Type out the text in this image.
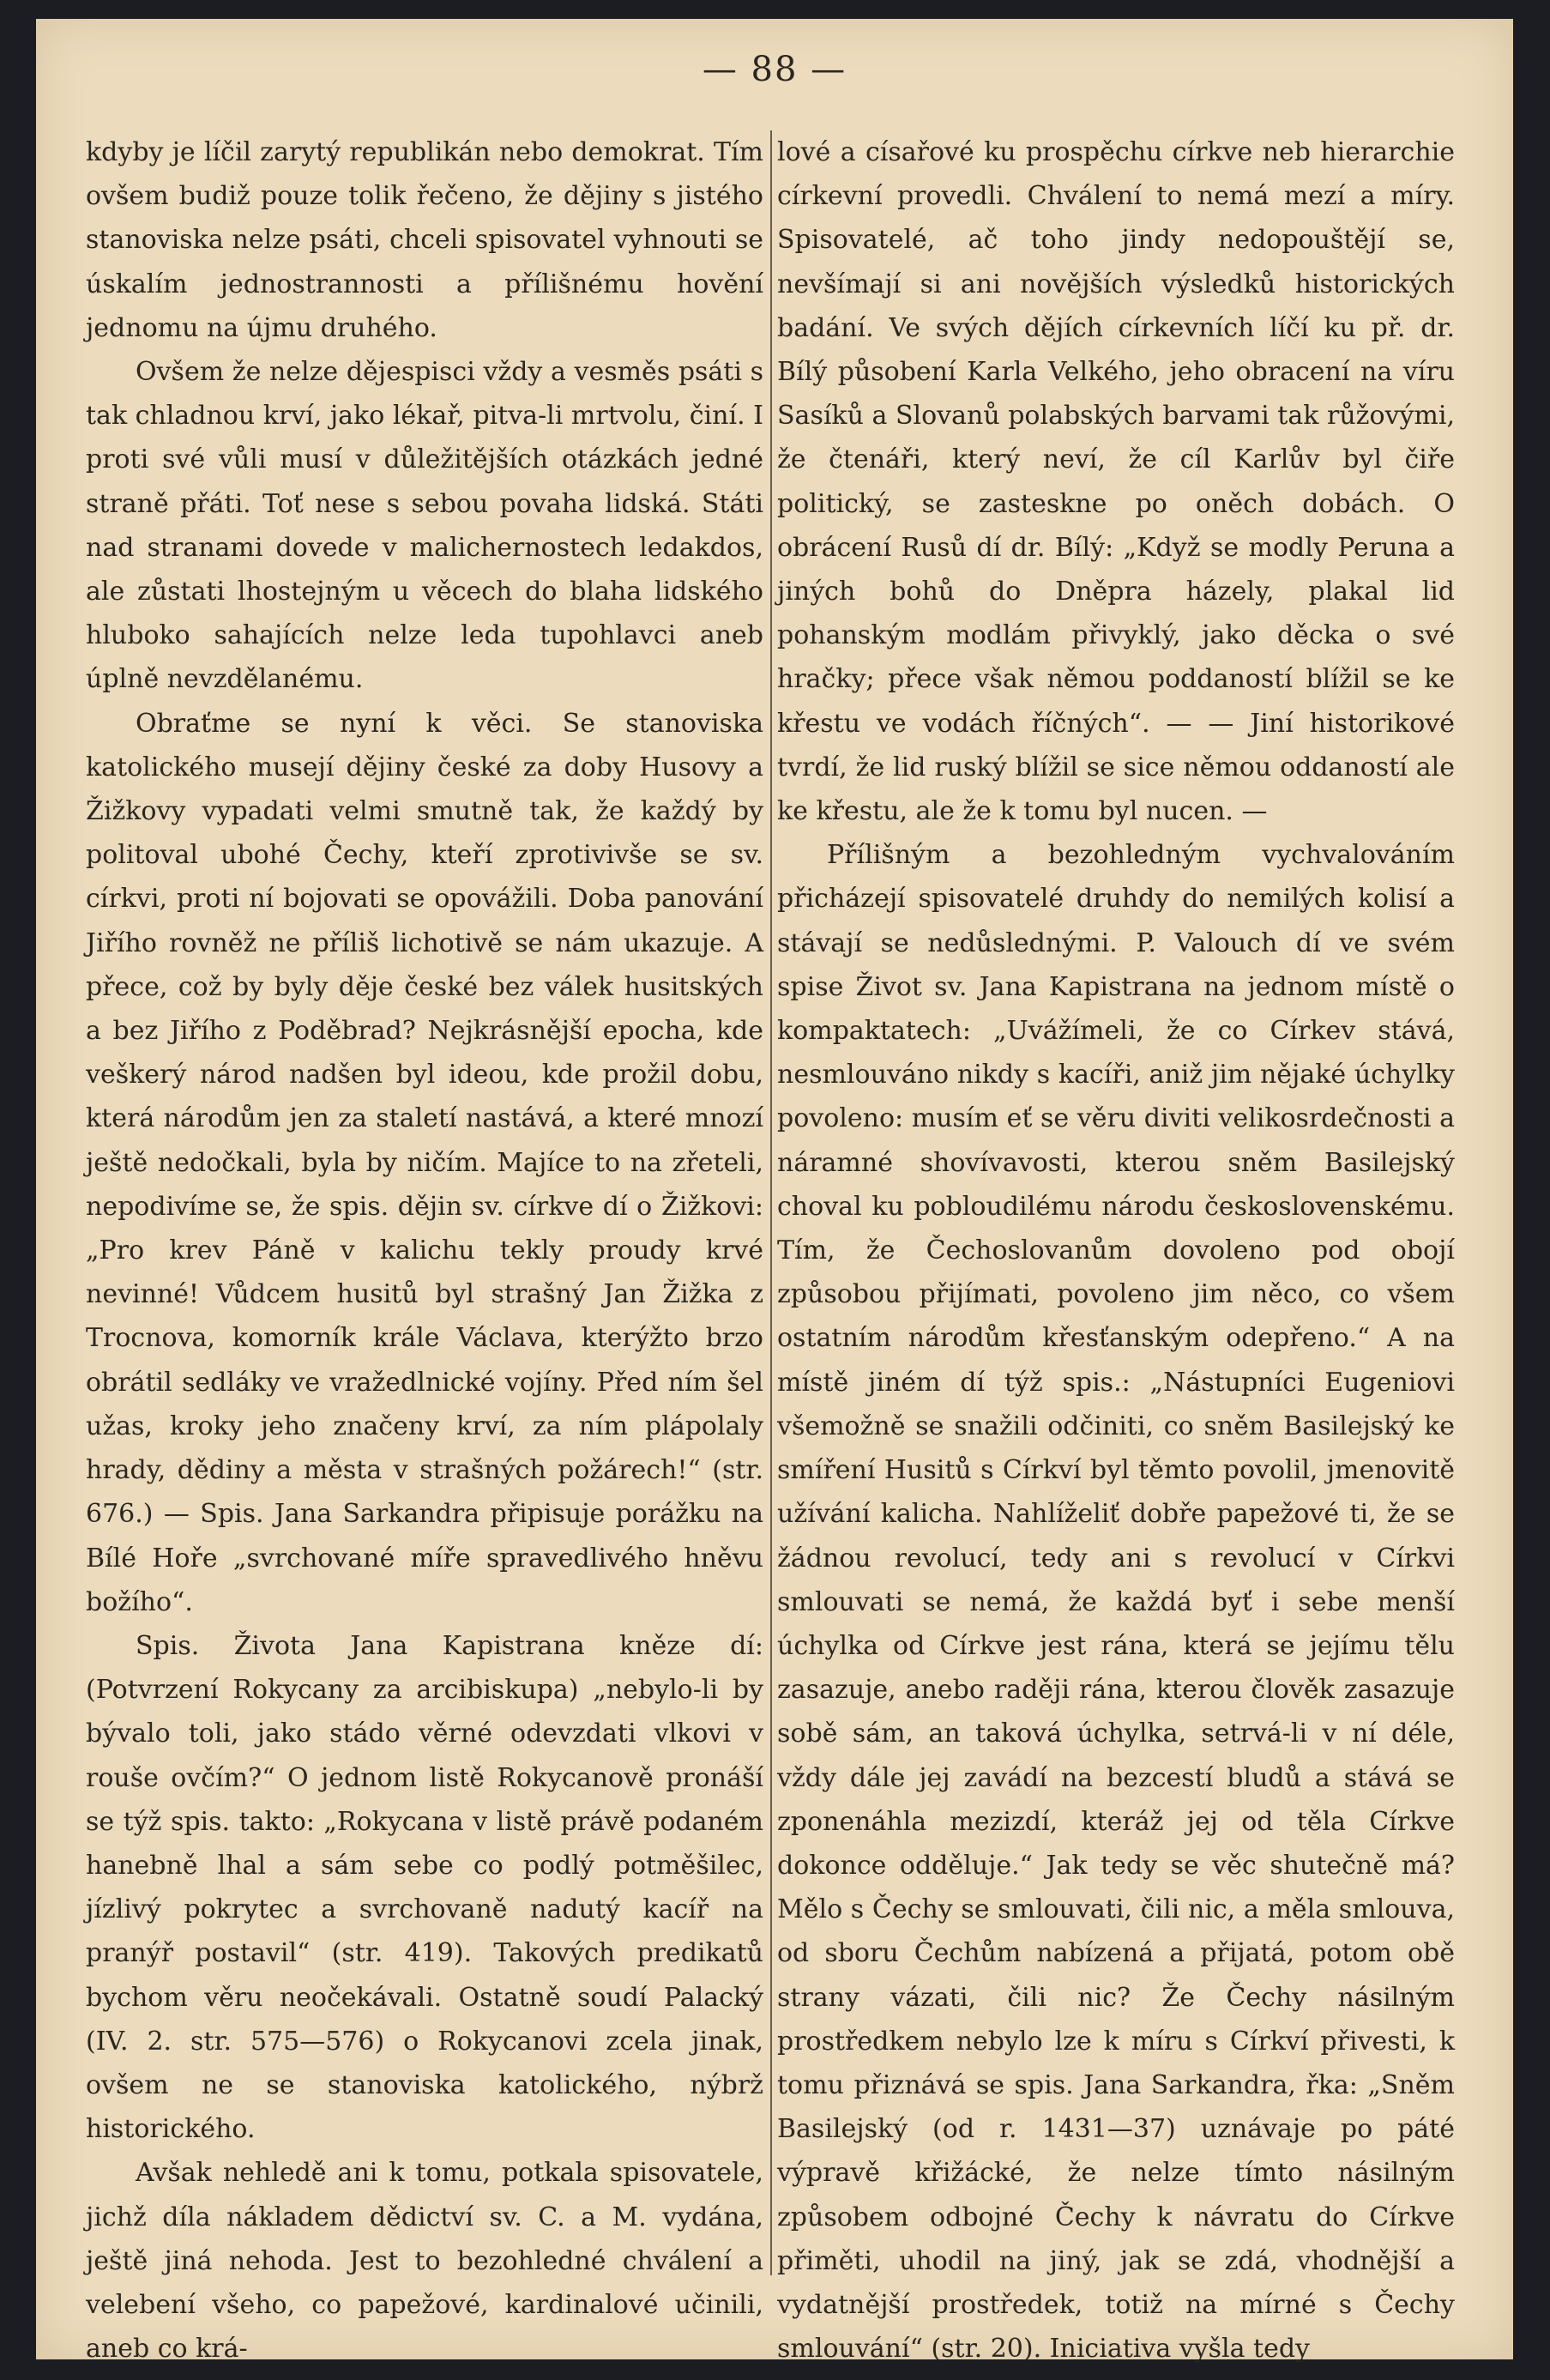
— 88 —

kdyby je líčil zarytý republikán nebo demokrat. Tím ovšem budiž pouze tolik řečeno, že dějiny s jistého stanoviska nelze psáti, chceli spisovatel vyhnouti se úskalím jednostrannosti a přílišnému hovění jednomu na újmu druhého.

Ovšem že nelze dějespisci vždy a vesměs psáti s tak chladnou krví, jako lékař, pitva-li mrtvolu, činí. I proti své vůli musí v důležitějších otázkách jedné straně přáti. Toť nese s sebou povaha lidská. Státi nad stranami dovede v malichernostech ledakdos, ale zůstati lhostejným u věcech do blaha lidského hluboko sahajících nelze leda tupohlavci aneb úplně nevzdělanému.

Obraťme se nyní k věci. Se stanoviska katolického musejí dějiny české za doby Husovy a Žižkovy vypadati velmi smutně tak, že každý by politoval ubohé Čechy, kteří zprotivivše se sv. církvi, proti ní bojovati se opovážili. Doba panování Jiřího rovněž ne příliš lichotivě se nám ukazuje. A přece, což by byly děje české bez válek husitských a bez Jiřího z Poděbrad? Nejkrásnější epocha, kde veškerý národ nadšen byl ideou, kde prožil dobu, která národům jen za staletí nastává, a které mnozí ještě nedočkali, byla by ničím. Majíce to na zřeteli, nepodivíme se, že spis. dějin sv. církve dí o Žižkovi: „Pro krev Páně v kalichu tekly proudy krvé nevinné! Vůdcem husitů byl strašný Jan Žižka z Trocnova, komorník krále Václava, kterýžto brzo obrátil sedláky ve vražedlnické vojíny. Před ním šel užas, kroky jeho značeny krví, za ním plápolaly hrady, dědiny a města v strašných požárech!“ (str. 676.) — Spis. Jana Sarkandra připisuje porážku na Bílé Hoře „svrchované míře spravedlivého hněvu božího“.

Spis. Života Jana Kapistrana kněze dí: (Potvrzení Rokycany za arcibiskupa) „nebylo-li by bývalo toli, jako stádo věrné odevzdati vlkovi v rouše ovčím?“ O jednom listě Rokycanově pronáší se týž spis. takto: „Rokycana v listě právě podaném hanebně lhal a sám sebe co podlý potměšilec, jízlivý pokrytec a svrchovaně nadutý kacíř na pranýř postavil“ (str. 419). Takových predikatů bychom věru neočekávali. Ostatně soudí Palacký (IV. 2. str. 575—576) o Rokycanovi zcela jinak, ovšem ne se stanoviska katolického, nýbrž historického.

Avšak nehledě ani k tomu, potkala spisovatele, jichž díla nákladem dědictví sv. C. a M. vydána, ještě jiná nehoda. Jest to bezohledné chválení a velebení všeho, co papežové, kardinalové učinili, aneb co krá-

lové a císařové ku prospěchu církve neb hierarchie církevní provedli. Chválení to nemá mezí a míry. Spisovatelé, ač toho jindy nedopouštějí se, nevšímají si ani novějších výsledků historických badání. Ve svých dějích církevních líčí ku př. dr. Bílý působení Karla Velkého, jeho obracení na víru Sasíků a Slovanů polabských barvami tak růžovými, že čtenáři, který neví, že cíl Karlův byl čiře politický, se zasteskne po oněch dobách. O obrácení Rusů dí dr. Bílý: „Když se modly Peruna a jiných bohů do Dněpra házely, plakal lid pohanským modlám přivyklý, jako děcka o své hračky; přece však němou poddaností blížil se ke křestu ve vodách říčných“. — — Jiní historikové tvrdí, že lid ruský blížil se sice němou oddaností ale ke křestu, ale že k tomu byl nucen. —

Přílišným a bezohledným vychvalováním přicházejí spisovatelé druhdy do nemilých kolisí a stávají se nedůslednými. P. Valouch dí ve svém spise Život sv. Jana Kapistrana na jednom místě o kompaktatech: „Uvážímeli, že co Církev stává, nesmlouváno nikdy s kacíři, aniž jim nějaké úchylky povoleno: musím eť se věru diviti velikosrdečnosti a náramné shovívavosti, kterou sněm Basilejský choval ku pobloudilému národu československému. Tím, že Čechoslovanům dovoleno pod obojí způsobou přijímati, povoleno jim něco, co všem ostatním národům křesťanským odepřeno.“ A na místě jiném dí týž spis.: „Nástupníci Eugeniovi všemožně se snažili odčiniti, co sněm Basilejský ke smíření Husitů s Církví byl těmto povolil, jmenovitě užívání kalicha. Nahlíželiť dobře papežové ti, že se žádnou revolucí, tedy ani s revolucí v Církvi smlouvati se nemá, že každá byť i sebe menší úchylka od Církve jest rána, která se jejímu tělu zasazuje, anebo raději rána, kterou člověk zasazuje sobě sám, an taková úchylka, setrvá-li v ní déle, vždy dále jej zavádí na bezcestí bludů a stává se zponenáhla mezizdí, kteráž jej od těla Církve dokonce odděluje.“ Jak tedy se věc shutečně má? Mělo s Čechy se smlouvati, čili nic, a měla smlouva, od sboru Čechům nabízená a přijatá, potom obě strany vázati, čili nic? Že Čechy násilným prostředkem nebylo lze k míru s Církví přivesti, k tomu přiznává se spis. Jana Sarkandra, řka: „Sněm Basilejský (od r. 1431—37) uznávaje po páté výpravě křižácké, že nelze tímto násilným způsobem odbojné Čechy k návratu do Církve přiměti, uhodil na jiný, jak se zdá, vhodnější a vydatnější prostředek, totiž na mírné s Čechy smlouvání“ (str. 20). Iniciativa vyšla tedy
